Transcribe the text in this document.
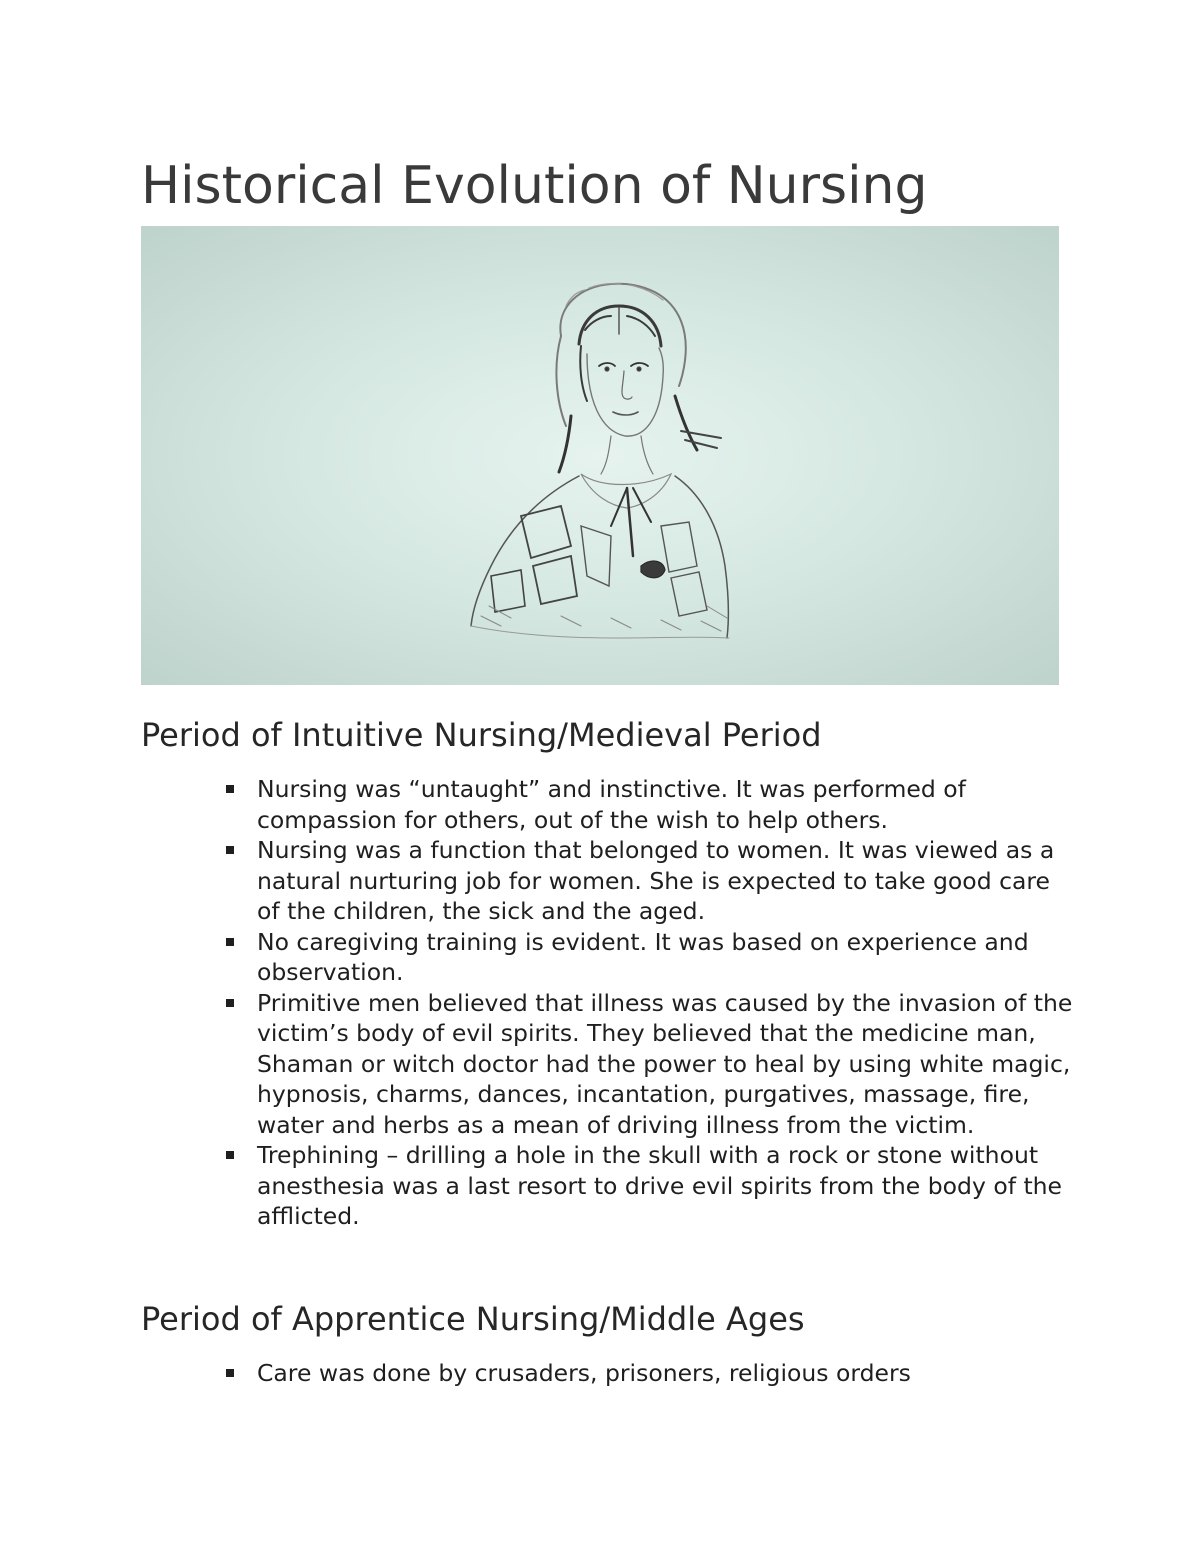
Historical Evolution of Nursing
Period of Intuitive Nursing/Medieval Period
Nursing was “untaught” and instinctive. It was performed of compassion for others, out of the wish to help others.
Nursing was a function that belonged to women. It was viewed as a natural nurturing job for women. She is expected to take good care of the children, the sick and the aged.
No caregiving training is evident. It was based on experience and observation.
Primitive men believed that illness was caused by the invasion of the victim’s body of evil spirits. They believed that the medicine man, Shaman or witch doctor had the power to heal by using white magic, hypnosis, charms, dances, incantation, purgatives, massage, fire, water and herbs as a mean of driving illness from the victim.
Trephining – drilling a hole in the skull with a rock or stone without anesthesia was a last resort to drive evil spirits from the body of the afflicted.
Period of Apprentice Nursing/Middle Ages
Care was done by crusaders, prisoners, religious orders
